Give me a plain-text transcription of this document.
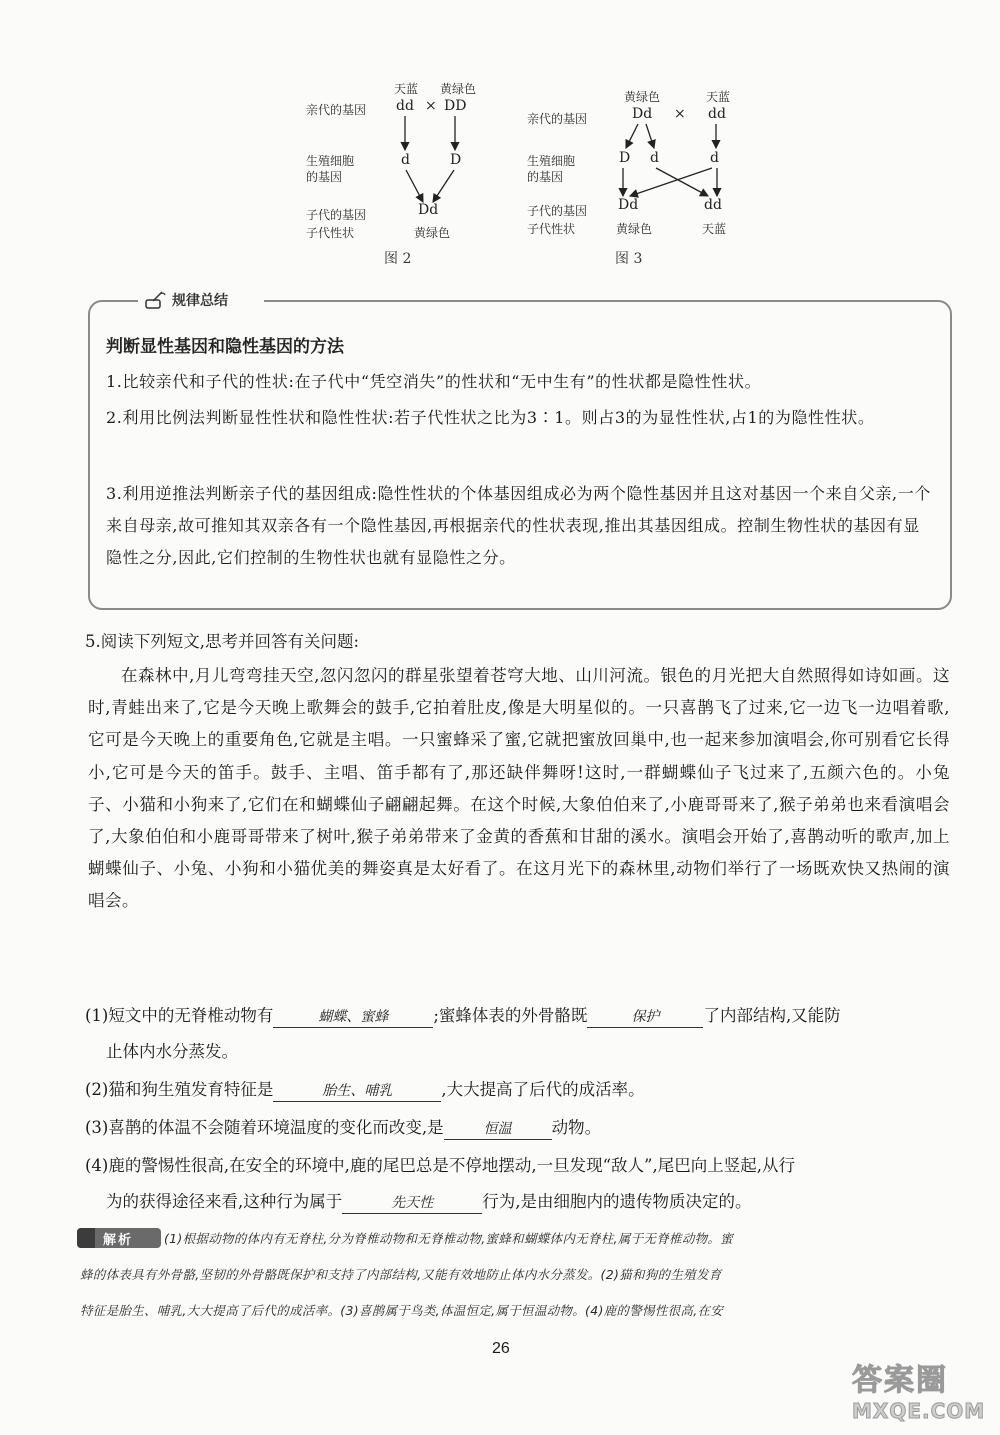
天蓝 黄绿色
亲代的基因 dd × DD
生殖细胞
的基因
d	D
子代的基因
子代性状
Dd
黄绿色
图 2
黄绿色	天蓝
亲代的基因	Dd × dd
生殖细胞
的基因
D d	d
子代的基因
子代性状
Dd	dd
黄绿色	天蓝
图 3
规律总结
判断显性基因和隐性基因的方法
1.比较亲代和子代的性状:在子代中“凭空消失”的性状和“无中生有”的性状都是隐性性状。
2.利用比例法判断显性性状和隐性性状:若子代性状之比为3∶1。则占3的为显性性状,占1的为隐性性状。
3.利用逆推法判断亲子代的基因组成:隐性性状的个体基因组成必为两个隐性基因并且这对基因一个来自父亲,一个来自母亲,故可推知其双亲各有一个隐性基因,再根据亲代的性状表现,推出其基因组成。控制生物性状的基因有显隐性之分,因此,它们控制的生物性状也就有显隐性之分。
5.阅读下列短文,思考并回答有关问题:
在森林中,月儿弯弯挂天空,忽闪忽闪的群星张望着苍穹大地、山川河流。银色的月光把大自然照得如诗如画。这时,青蛙出来了,它是今天晚上歌舞会的鼓手,它拍着肚皮,像是大明星似的。一只喜鹊飞了过来,它一边飞一边唱着歌,它可是今天晚上的重要角色,它就是主唱。一只蜜蜂采了蜜,它就把蜜放回巢中,也一起来参加演唱会,你可别看它长得小,它可是今天的笛手。鼓手、主唱、笛手都有了,那还缺伴舞呀!这时,一群蝴蝶仙子飞过来了,五颜六色的。小兔子、小猫和小狗来了,它们在和蝴蝶仙子翩翩起舞。在这个时候,大象伯伯来了,小鹿哥哥来了,猴子弟弟也来看演唱会了,大象伯伯和小鹿哥哥带来了树叶,猴子弟弟带来了金黄的香蕉和甘甜的溪水。演唱会开始了,喜鹊动听的歌声,加上蝴蝶仙子、小兔、小狗和小猫优美的舞姿真是太好看了。在这月光下的森林里,动物们举行了一场既欢快又热闹的演唱会。
(1)短文中的无脊椎动物有	蝴蝶、蜜蜂	;蜜蜂体表的外骨骼既	保护	了内部结构,又能防
止体内水分蒸发。
(2)猫和狗生殖发育特征是	胎生、哺乳	,大大提高了后代的成活率。
(3)喜鹊的体温不会随着环境温度的变化而改变,是	恒温 动物。
(4)鹿的警惕性很高,在安全的环境中,鹿的尾巴总是不停地摆动,一旦发现“敌人”,尾巴向上竖起,从行
为的获得途径来看,这种行为属于	先天性	行为,是由细胞内的遗传物质决定的。
解析 (1)根据动物的体内有无脊柱,分为脊椎动物和无脊椎动物,蜜蜂和蝴蝶体内无脊柱,属于无脊椎动物。蜜
蜂的体表具有外骨骼,坚韧的外骨骼既保护和支持了内部结构,又能有效地防止体内水分蒸发。(2)猫和狗的生殖发育
特征是胎生、哺乳,大大提高了后代的成活率。(3)喜鹊属于鸟类,体温恒定,属于恒温动物。(4)鹿的警惕性很高,在安
26
答案圈
MXQE.COM
